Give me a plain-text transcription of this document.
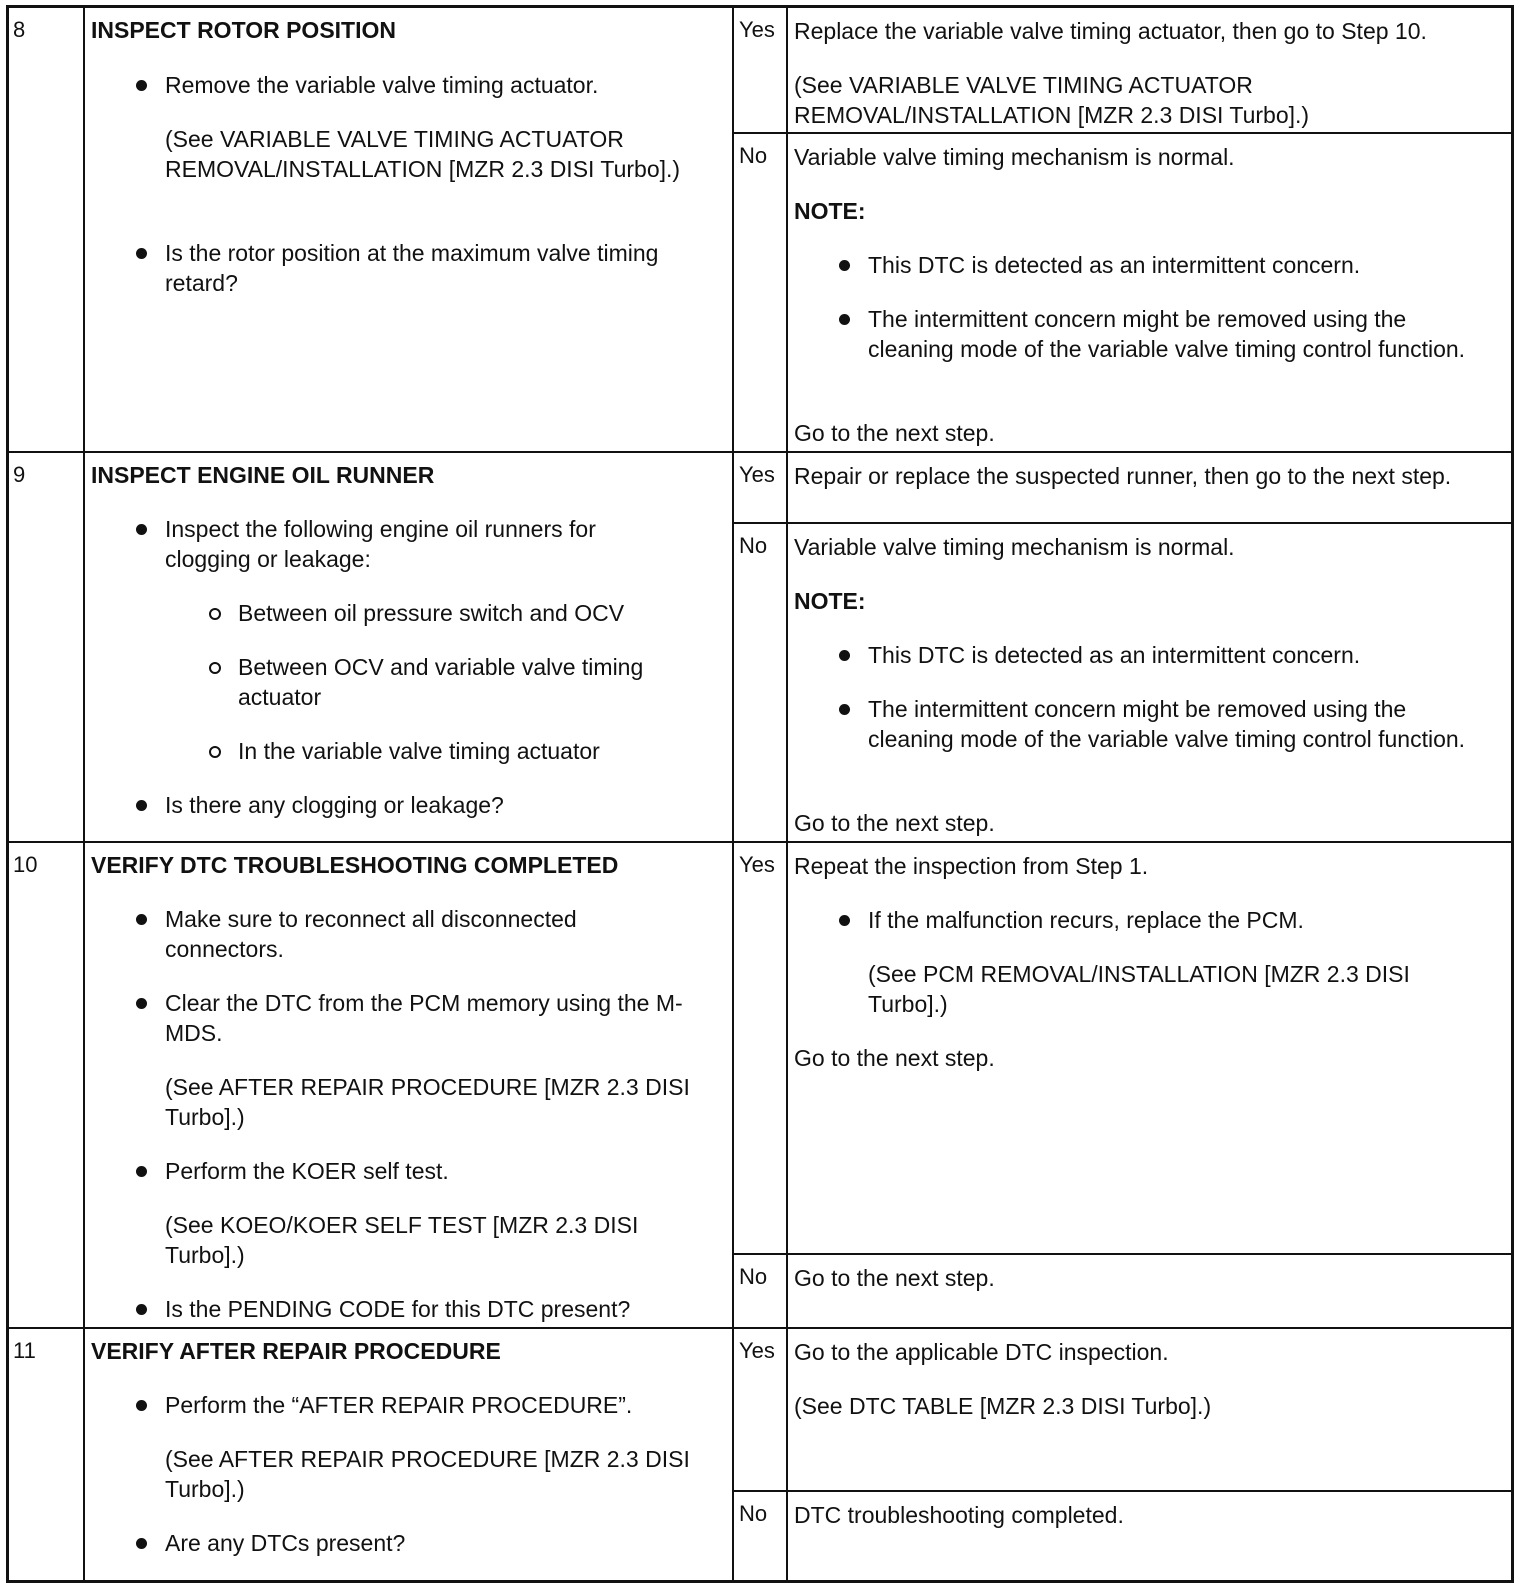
8	INSPECT ROTOR POSITION

Remove the variable valve timing actuator.

(See VARIABLE VALVE TIMING ACTUATOR REMOVAL/INSTALLATION [MZR 2.3 DISI Turbo].)

Is the rotor position at the maximum valve timing retard?

Yes
No

Replace the variable valve timing actuator, then go to Step 10.

(See VARIABLE VALVE TIMING ACTUATOR REMOVAL/INSTALLATION [MZR 2.3 DISI Turbo].)

Variable valve timing mechanism is normal.

NOTE:

This DTC is detected as an intermittent concern.

The intermittent concern might be removed using the cleaning mode of the variable valve timing control function.

Go to the next step.

9	INSPECT ENGINE OIL RUNNER

Inspect the following engine oil runners for clogging or leakage:

Between oil pressure switch and OCV

Between OCV and variable valve timing actuator

In the variable valve timing actuator

Is there any clogging or leakage?

Yes
No

Repair or replace the suspected runner, then go to the next step.

Variable valve timing mechanism is normal.

NOTE:

This DTC is detected as an intermittent concern.

The intermittent concern might be removed using the cleaning mode of the variable valve timing control function.

Go to the next step.

10 VERIFY DTC TROUBLESHOOTING COMPLETED

Make sure to reconnect all disconnected connectors.

Clear the DTC from the PCM memory using the M-MDS.

(See AFTER REPAIR PROCEDURE [MZR 2.3 DISI Turbo].)

Perform the KOER self test.

(See KOEO/KOER SELF TEST [MZR 2.3 DISI Turbo].)

Is the PENDING CODE for this DTC present?

Yes
No

Repeat the inspection from Step 1.

If the malfunction recurs, replace the PCM.

(See PCM REMOVAL/INSTALLATION [MZR 2.3 DISI Turbo].)

Go to the next step.

Go to the next step.

11 VERIFY AFTER REPAIR PROCEDURE

Perform the “AFTER REPAIR PROCEDURE”.

(See AFTER REPAIR PROCEDURE [MZR 2.3 DISI Turbo].)

Are any DTCs present?

Yes
No

Go to the applicable DTC inspection.

(See DTC TABLE [MZR 2.3 DISI Turbo].)

DTC troubleshooting completed.
